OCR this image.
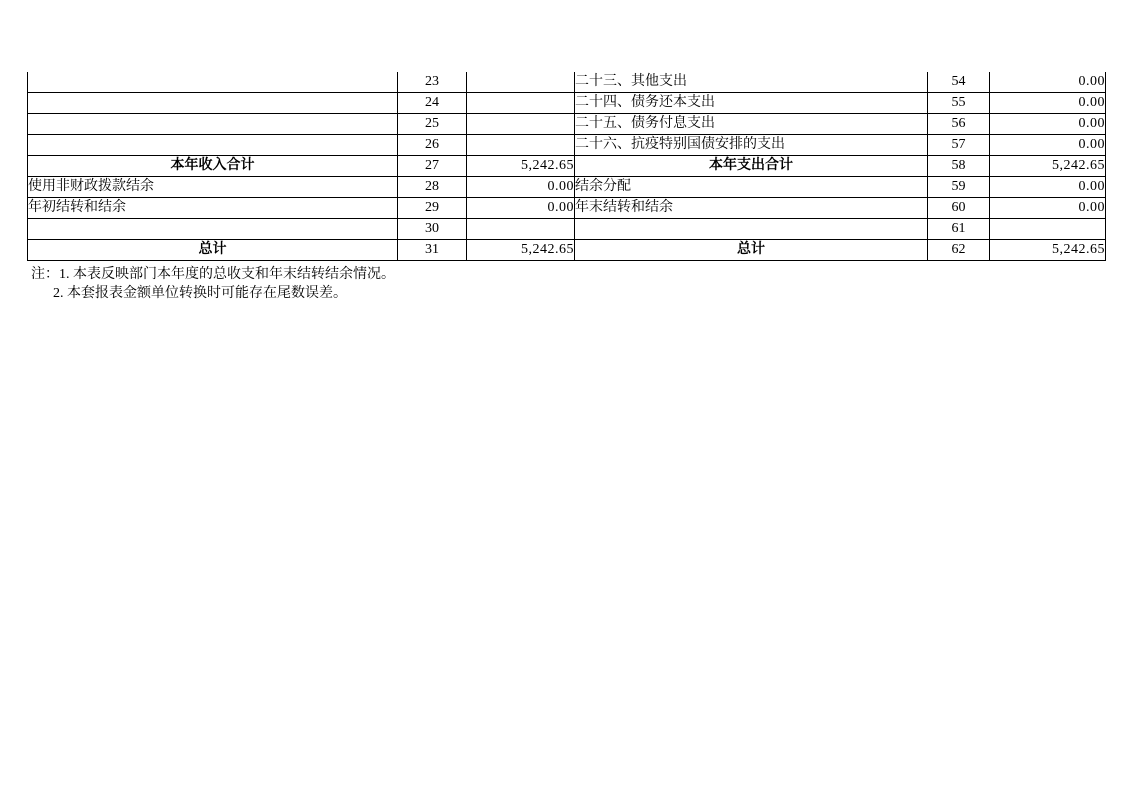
	23		二十三、其他支出	54	0.00
	24		二十四、债务还本支出	55	0.00
	25		二十五、债务付息支出	56	0.00
	26		二十六、抗疫特别国债安排的支出	57	0.00
本年收入合计	27	5,242.65	本年支出合计	58	5,242.65
使用非财政拨款结余	28	0.00	结余分配	59	0.00
年初结转和结余	29	0.00	年末结转和结余	60	0.00
	30			61	
总计	31	5,242.65	总计	62	5,242.65
注：1. 本表反映部门本年度的总收支和年末结转结余情况。
2. 本套报表金额单位转换时可能存在尾数误差。
